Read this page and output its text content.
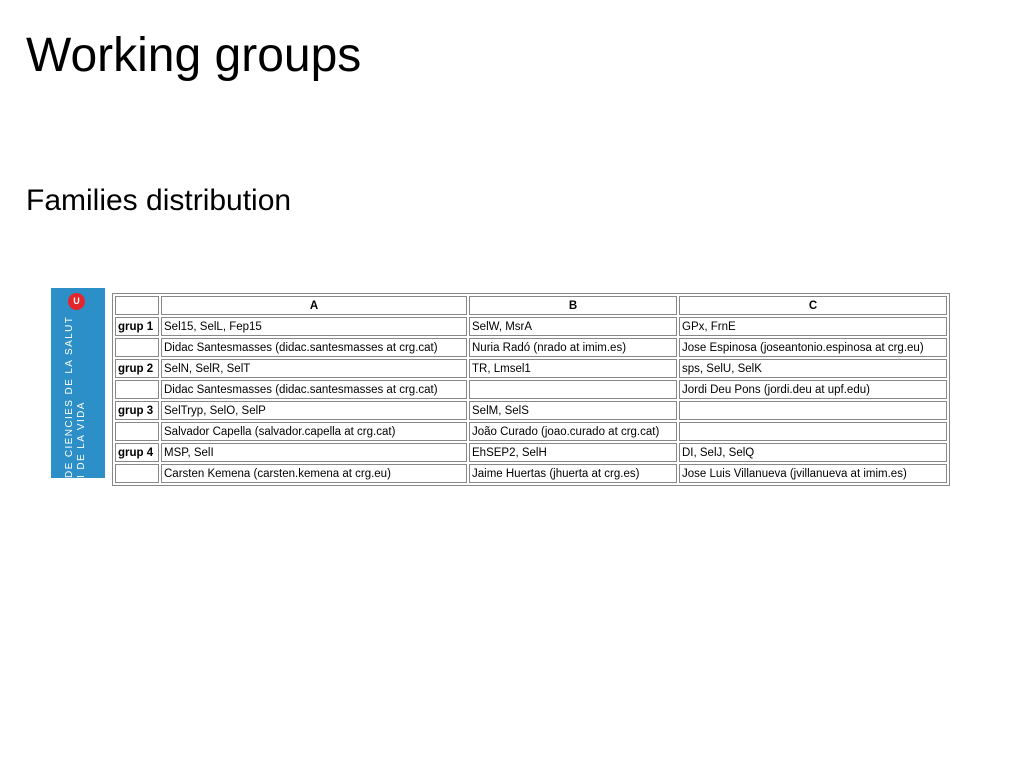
Working groups
Families distribution
U
DE CIÈNCIES DE LA SALUT I DE LA VIDA
	A	B	C
grup 1	Sel15, SelL, Fep15	SelW, MsrA	GPx, FrnE
	Didac Santesmasses (didac.santesmasses at crg.cat)	Nuria Radó (nrado at imim.es)	Jose Espinosa (joseantonio.espinosa at crg.eu)
grup 2	SelN, SelR, SelT	TR, Lmsel1	sps, SelU, SelK
	Didac Santesmasses (didac.santesmasses at crg.cat)		Jordi Deu Pons (jordi.deu at upf.edu)
grup 3	SelTryp, SelO, SelP	SelM, SelS	
	Salvador Capella (salvador.capella at crg.cat)	João Curado (joao.curado at crg.cat)	
grup 4	MSP, SelI	EhSEP2, SelH	DI, SelJ, SelQ
	Carsten Kemena (carsten.kemena at crg.eu)	Jaime Huertas (jhuerta at crg.es)	Jose Luis Villanueva (jvillanueva at imim.es)
